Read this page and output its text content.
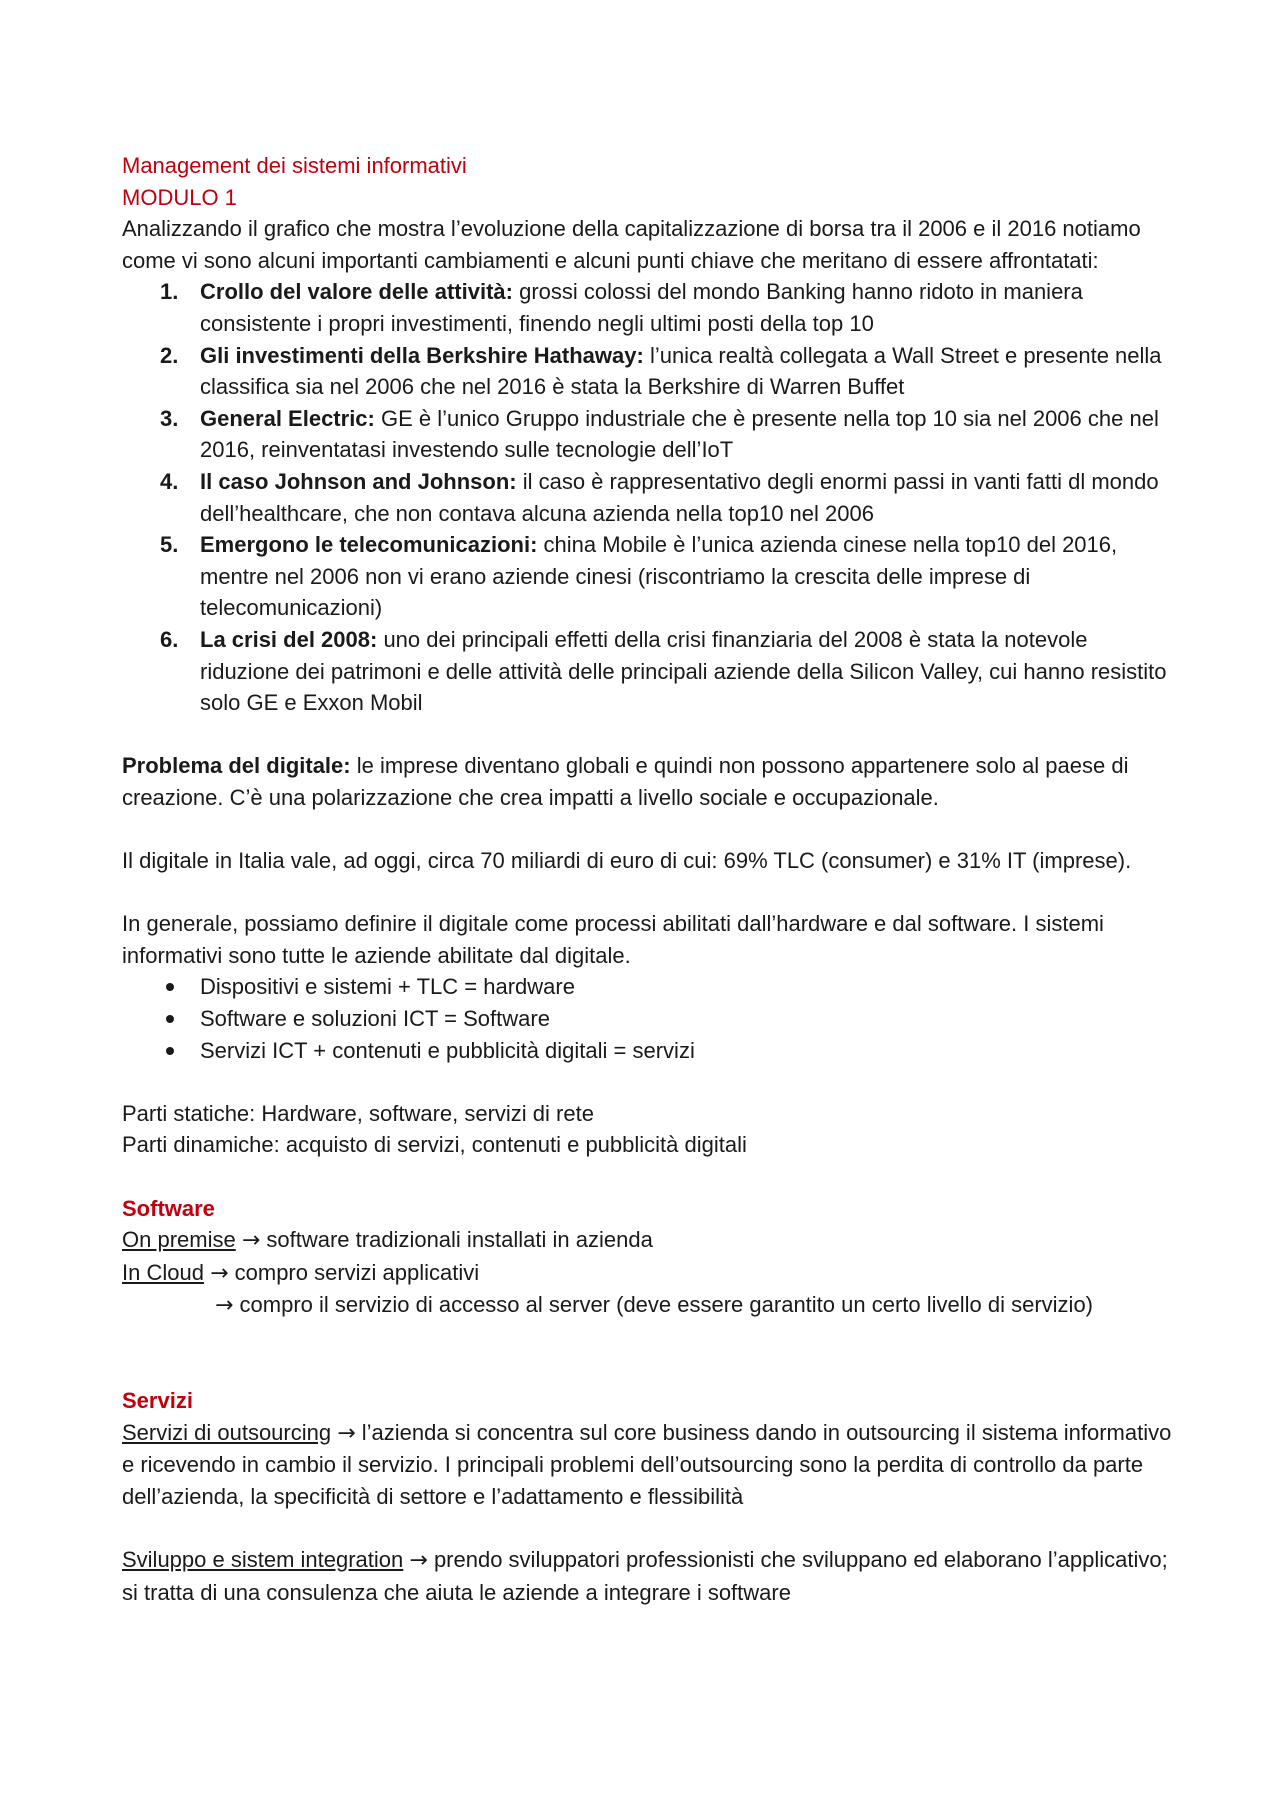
Management dei sistemi informativi

MODULO 1

Analizzando il grafico che mostra l’evoluzione della capitalizzazione di borsa tra il 2006 e il 2016 notiamo come vi sono alcuni importanti cambiamenti e alcuni punti chiave che meritano di essere affrontatati:

1. Crollo del valore delle attività: grossi colossi del mondo Banking hanno ridoto in maniera consistente i propri investimenti, finendo negli ultimi posti della top 10
2. Gli investimenti della Berkshire Hathaway: l’unica realtà collegata a Wall Street e presente nella classifica sia nel 2006 che nel 2016 è stata la Berkshire di Warren Buffet
3. General Electric: GE è l’unico Gruppo industriale che è presente nella top 10 sia nel 2006 che nel 2016, reinventatasi investendo sulle tecnologie dell’IoT
4. Il caso Johnson and Johnson: il caso è rappresentativo degli enormi passi in vanti fatti dl mondo dell’healthcare, che non contava alcuna azienda nella top10 nel 2006
5. Emergono le telecomunicazioni: china Mobile è l’unica azienda cinese nella top10 del 2016, mentre nel 2006 non vi erano aziende cinesi (riscontriamo la crescita delle imprese di telecomunicazioni)
6. La crisi del 2008: uno dei principali effetti della crisi finanziaria del 2008 è stata la notevole riduzione dei patrimoni e delle attività delle principali aziende della Silicon Valley, cui hanno resistito solo GE e Exxon Mobil

Problema del digitale: le imprese diventano globali e quindi non possono appartenere solo al paese di creazione. C’è una polarizzazione che crea impatti a livello sociale e occupazionale.

Il digitale in Italia vale, ad oggi, circa 70 miliardi di euro di cui: 69% TLC (consumer) e 31% IT (imprese).

In generale, possiamo definire il digitale come processi abilitati dall’hardware e dal software. I sistemi informativi sono tutte le aziende abilitate dal digitale.

Dispositivi e sistemi + TLC = hardware
Software e soluzioni ICT = Software
Servizi ICT + contenuti e pubblicità digitali = servizi

Parti statiche: Hardware, software, servizi di rete

Parti dinamiche: acquisto di servizi, contenuti e pubblicità digitali

Software

On premise → software tradizionali installati in azienda

In Cloud → compro servizi applicativi

→ compro il servizio di accesso al server (deve essere garantito un certo livello di servizio)

Servizi

Servizi di outsourcing → l’azienda si concentra sul core business dando in outsourcing il sistema informativo e ricevendo in cambio il servizio. I principali problemi dell’outsourcing sono la perdita di controllo da parte dell’azienda, la specificità di settore e l’adattamento e flessibilità

Sviluppo e sistem integration → prendo sviluppatori professionisti che sviluppano ed elaborano l’applicativo; si tratta di una consulenza che aiuta le aziende a integrare i software
